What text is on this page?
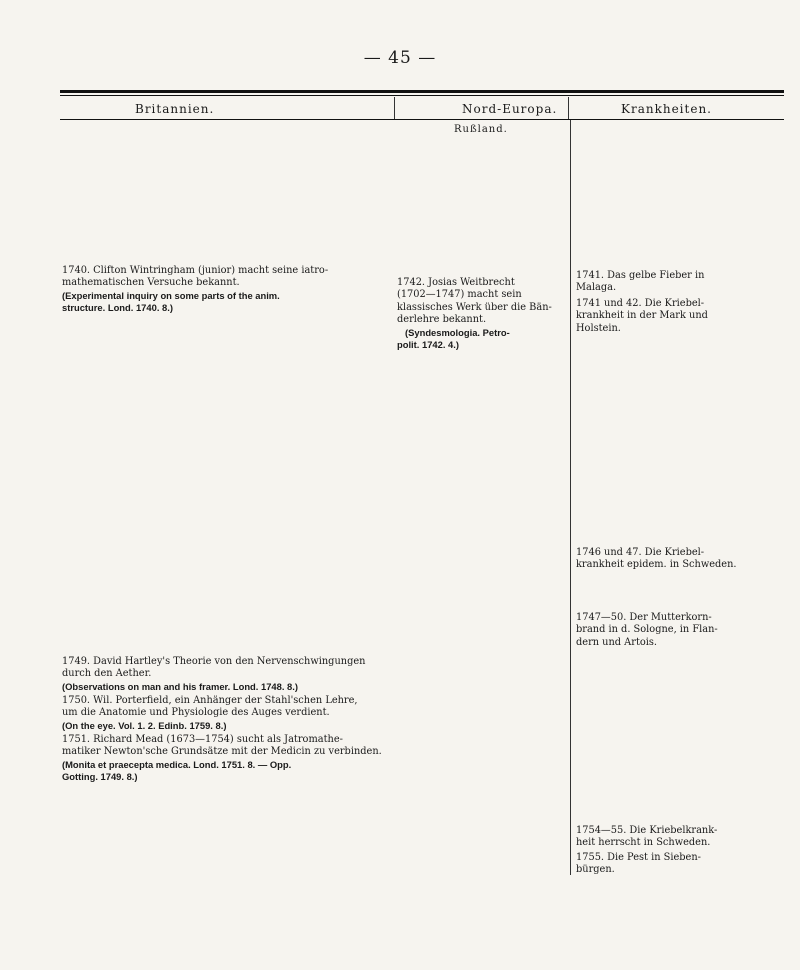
— 45 —
Britannien.	Nord-Europa.	Krankheiten.
Rußland.

1740. Clifton Wintringham (junior) macht seine iatro-

mathematischen Versuche bekannt.

(Experimental inquiry on some parts of the anim.

structure. Lond. 1740. 8.)

1749. David Hartley's Theorie von den Nervenschwingungen

durch den Aether.

(Observations on man and his framer. Lond. 1748. 8.)

1750. Wil. Porterfield, ein Anhänger der Stahl'schen Lehre,

um die Anatomie und Physiologie des Auges verdient.

(On the eye. Vol. 1. 2. Edinb. 1759. 8.)

1751. Richard Mead (1673—1754) sucht als Jatromathe-

matiker Newton'sche Grundsätze mit der Medicin zu verbinden.

(Monita et praecepta medica. Lond. 1751. 8. — Opp.

Gotting. 1749. 8.)

1742. Josias Weitbrecht

(1702—1747) macht sein

klassisches Werk über die Bän-

derlehre bekannt.

(Syndesmologia. Petro-

polit. 1742. 4.)

1741. Das gelbe Fieber in

Malaga.

1741 und 42. Die Kriebel-

krankheit in der Mark und

Holstein.

1746 und 47. Die Kriebel-

krankheit epidem. in Schweden.

1747—50. Der Mutterkorn-

brand in d. Sologne, in Flan-

dern und Artois.

1754—55. Die Kriebelkrank-

heit herrscht in Schweden.

1755. Die Pest in Sieben-

bürgen.
